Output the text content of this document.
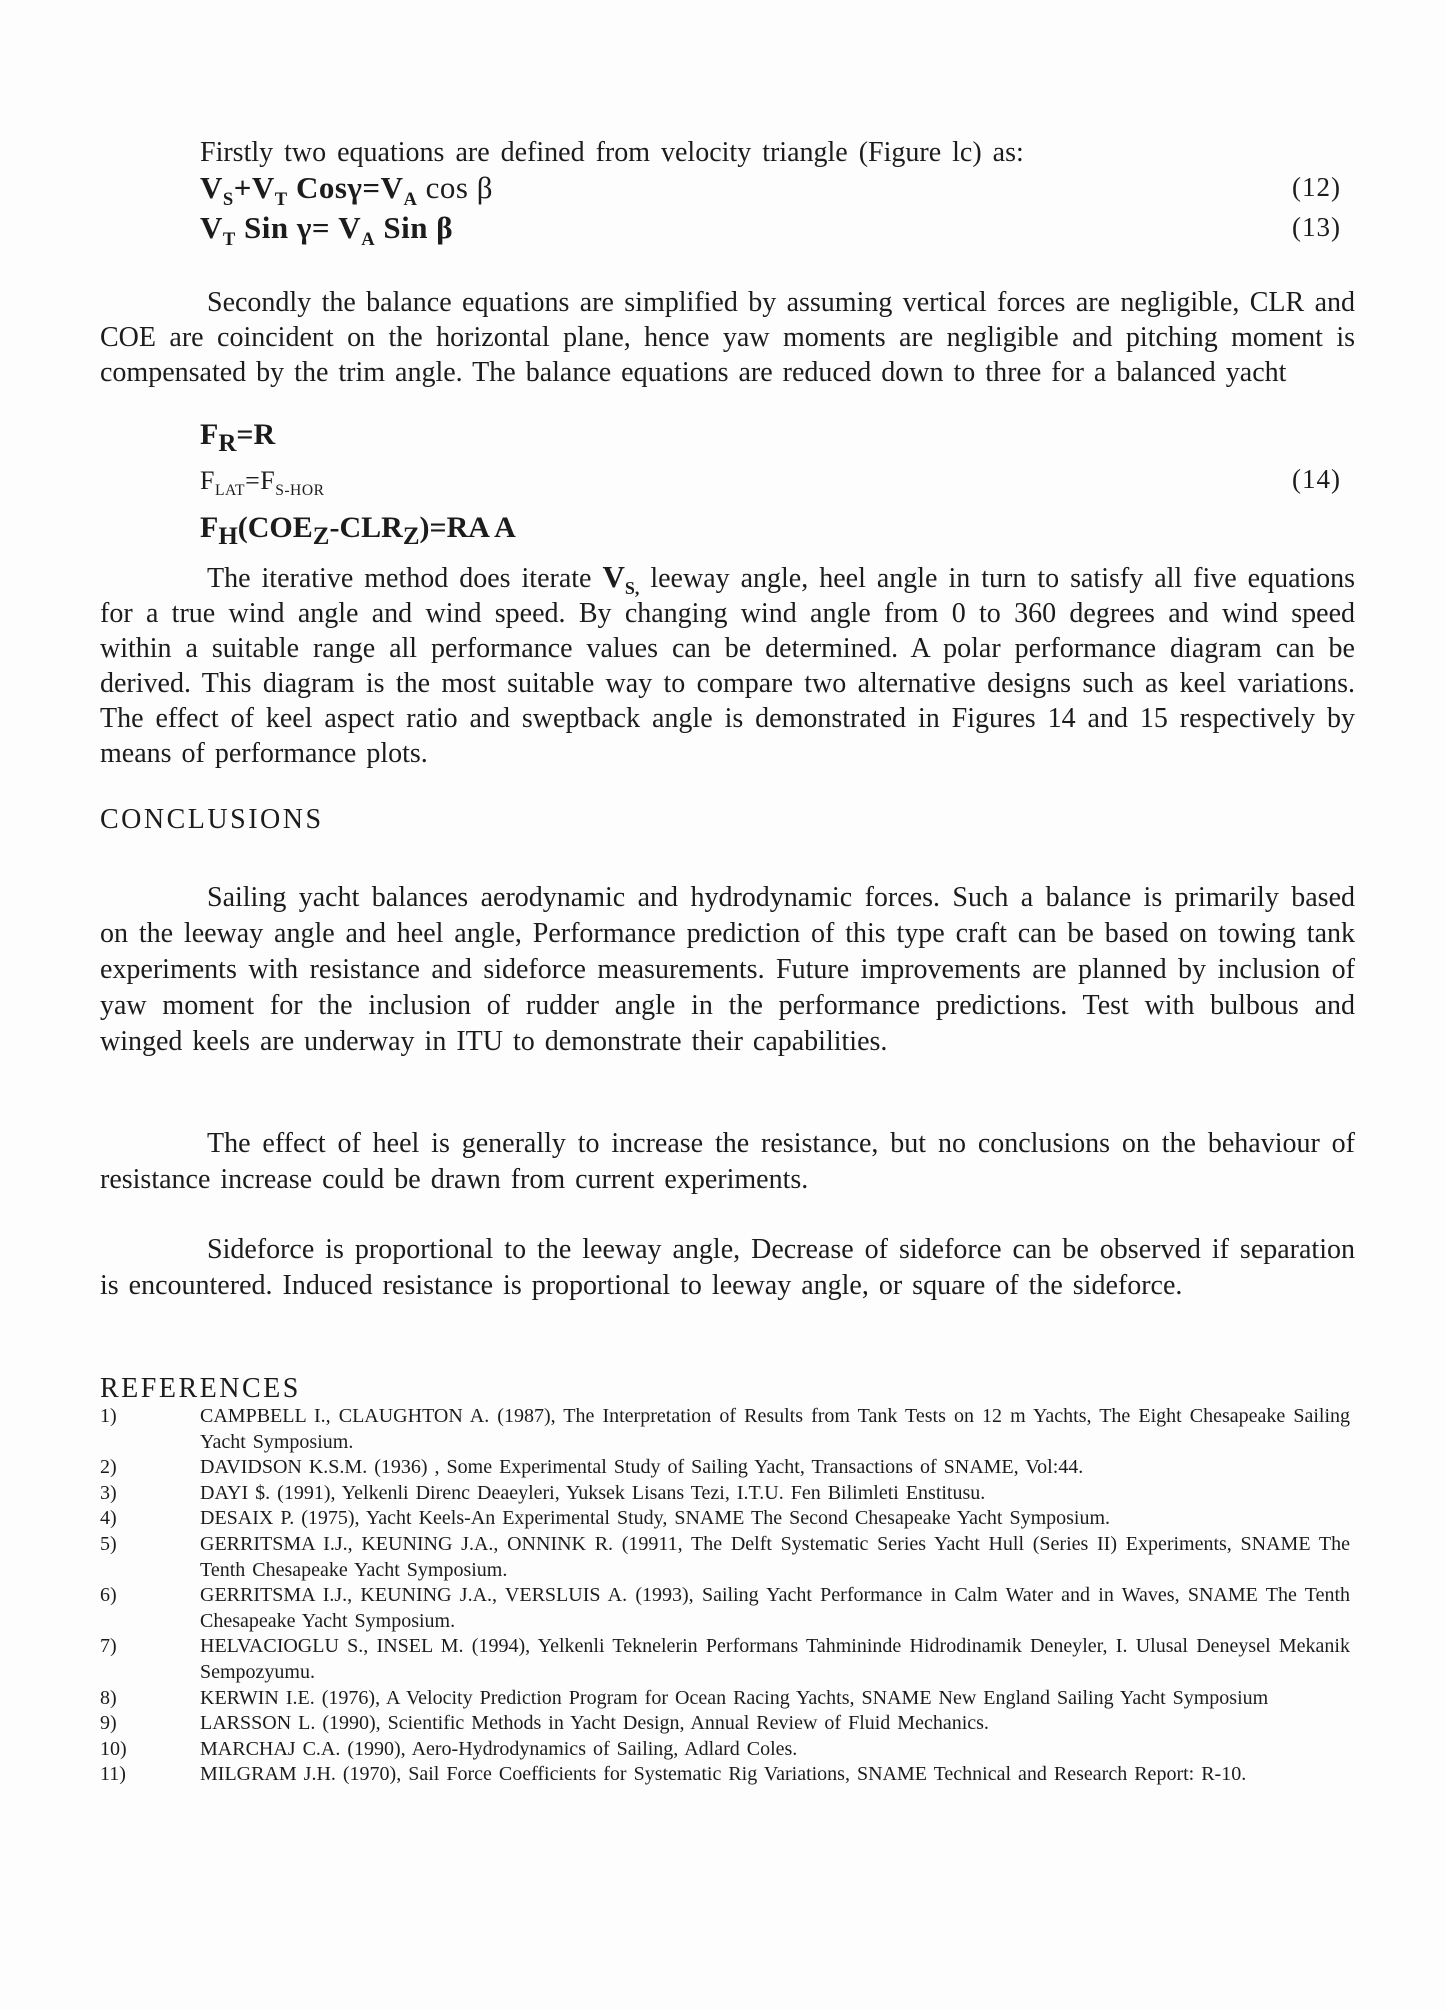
Firstly two equations are defined from velocity triangle (Figure lc) as:
$V_S+V_T$ $Cos\gamma=V_A$ cos β	(12)
$V_T$ Sin $\gamma= V_A$ Sin β	(13)
Secondly the balance equations are simplified by assuming vertical forces are negligible, CLR and COE are coincident on the horizontal plane, hence yaw moments are negligible and pitching moment is compensated by the trim angle. The balance equations are reduced down to three for a balanced yacht
$F_R=R$
$F_{LAT}=F_{S-HOR}$
$F_H(COE_Z-CLR_Z)=RA$ A
(14)
The iterative method does iterate $V_{S,}$ leeway angle, heel angle in turn to satisfy all five equations for a true wind angle and wind speed. By changing wind angle from 0 to 360 degrees and wind speed within a suitable range all performance values can be determined. A polar performance diagram can be derived. This diagram is the most suitable way to compare two alternative designs such as keel variations. The effect of keel aspect ratio and sweptback angle is demonstrated in Figures 14 and 15 respectively by means of performance plots.
CONCLUSIONS
Sailing yacht balances aerodynamic and hydrodynamic forces. Such a balance is primarily based on the leeway angle and heel angle, Performance prediction of this type craft can be based on towing tank experiments with resistance and sideforce measurements. Future improvements are planned by inclusion of yaw moment for the inclusion of rudder angle in the performance predictions. Test with bulbous and winged keels are underway in ITU to demonstrate their capabilities.
The effect of heel is generally to increase the resistance, but no conclusions on the behaviour of resistance increase could be drawn from current experiments.
Sideforce is proportional to the leeway angle, Decrease of sideforce can be observed if separation is encountered. Induced resistance is proportional to leeway angle, or square of the sideforce.
REFERENCES
1)	CAMPBELL I., CLAUGHTON A. (1987), The Interpretation of Results from Tank Tests on 12 m Yachts, The Eight Chesapeake Sailing Yacht Symposium.
2)	DAVIDSON K.S.M. (1936) , Some Experimental Study of Sailing Yacht, Transactions of SNAME, Vol:44.
3)	DAYI $. (1991), Yelkenli Direnc Deaeyleri, Yuksek Lisans Tezi, I.T.U. Fen Bilimleti Enstitusu.
4)	DESAIX P. (1975), Yacht Keels-An Experimental Study, SNAME The Second Chesapeake Yacht Symposium.
5)	GERRITSMA I.J., KEUNING J.A., ONNINK R. (19911, The Delft Systematic Series Yacht Hull (Series II) Experiments, SNAME The Tenth Chesapeake Yacht Symposium.
6)	GERRITSMA I.J., KEUNING J.A., VERSLUIS A. (1993), Sailing Yacht Performance in Calm Water and in Waves, SNAME The Tenth Chesapeake Yacht Symposium.
7)	HELVACIOGLU S., INSEL M. (1994), Yelkenli Teknelerin Performans Tahmininde Hidrodinamik Deneyler, I. Ulusal Deneysel Mekanik Sempozyumu.
8)	KERWIN I.E. (1976), A Velocity Prediction Program for Ocean Racing Yachts, SNAME New England Sailing Yacht Symposium
9)	LARSSON L. (1990), Scientific Methods in Yacht Design, Annual Review of Fluid Mechanics.
10)	MARCHAJ C.A. (1990), Aero-Hydrodynamics of Sailing, Adlard Coles.
11)	MILGRAM J.H. (1970), Sail Force Coefficients for Systematic Rig Variations, SNAME Technical and Research Report: R-10.
